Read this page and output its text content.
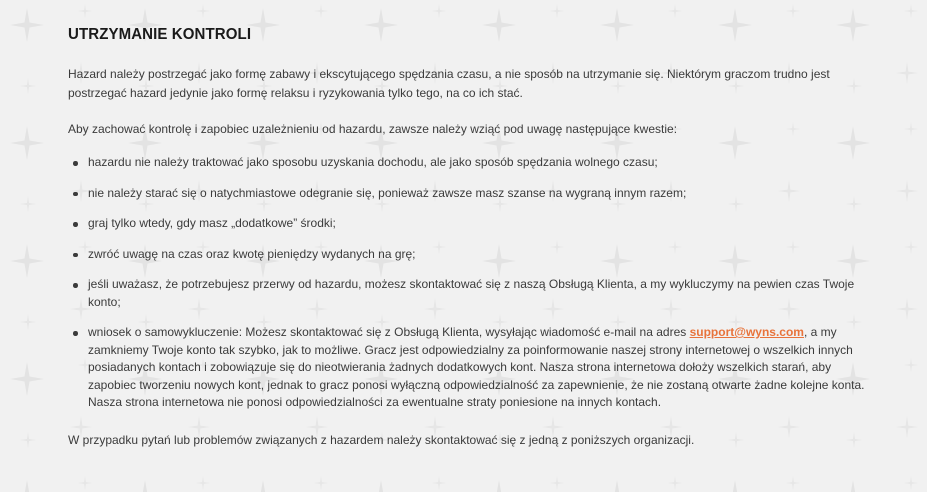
UTRZYMANIE KONTROLI

Hazard należy postrzegać jako formę zabawy i ekscytującego spędzania czasu, a nie sposób na utrzymanie się. Niektórym graczom trudno jest postrzegać hazard jedynie jako formę relaksu i ryzykowania tylko tego, na co ich stać.

Aby zachować kontrolę i zapobiec uzależnieniu od hazardu, zawsze należy wziąć pod uwagę następujące kwestie:

hazardu nie należy traktować jako sposobu uzyskania dochodu, ale jako sposób spędzania wolnego czasu;
nie należy starać się o natychmiastowe odegranie się, ponieważ zawsze masz szanse na wygraną innym razem;
graj tylko wtedy, gdy masz „dodatkowe” środki;
zwróć uwagę na czas oraz kwotę pieniędzy wydanych na grę;
jeśli uważasz, że potrzebujesz przerwy od hazardu, możesz skontaktować się z naszą Obsługą Klienta, a my wykluczymy na pewien czas Twoje konto;
wniosek o samowykluczenie: Możesz skontaktować się z Obsługą Klienta, wysyłając wiadomość e-mail na adres support@wyns.com, a my zamkniemy Twoje konto tak szybko, jak to możliwe. Gracz jest odpowiedzialny za poinformowanie naszej strony internetowej o wszelkich innych posiadanych kontach i zobowiązuje się do nieotwierania żadnych dodatkowych kont. Nasza strona internetowa dołoży wszelkich starań, aby zapobiec tworzeniu nowych kont, jednak to gracz ponosi wyłączną odpowiedzialność za zapewnienie, że nie zostaną otwarte żadne kolejne konta. Nasza strona internetowa nie ponosi odpowiedzialności za ewentualne straty poniesione na innych kontach.

W przypadku pytań lub problemów związanych z hazardem należy skontaktować się z jedną z poniższych organizacji.
